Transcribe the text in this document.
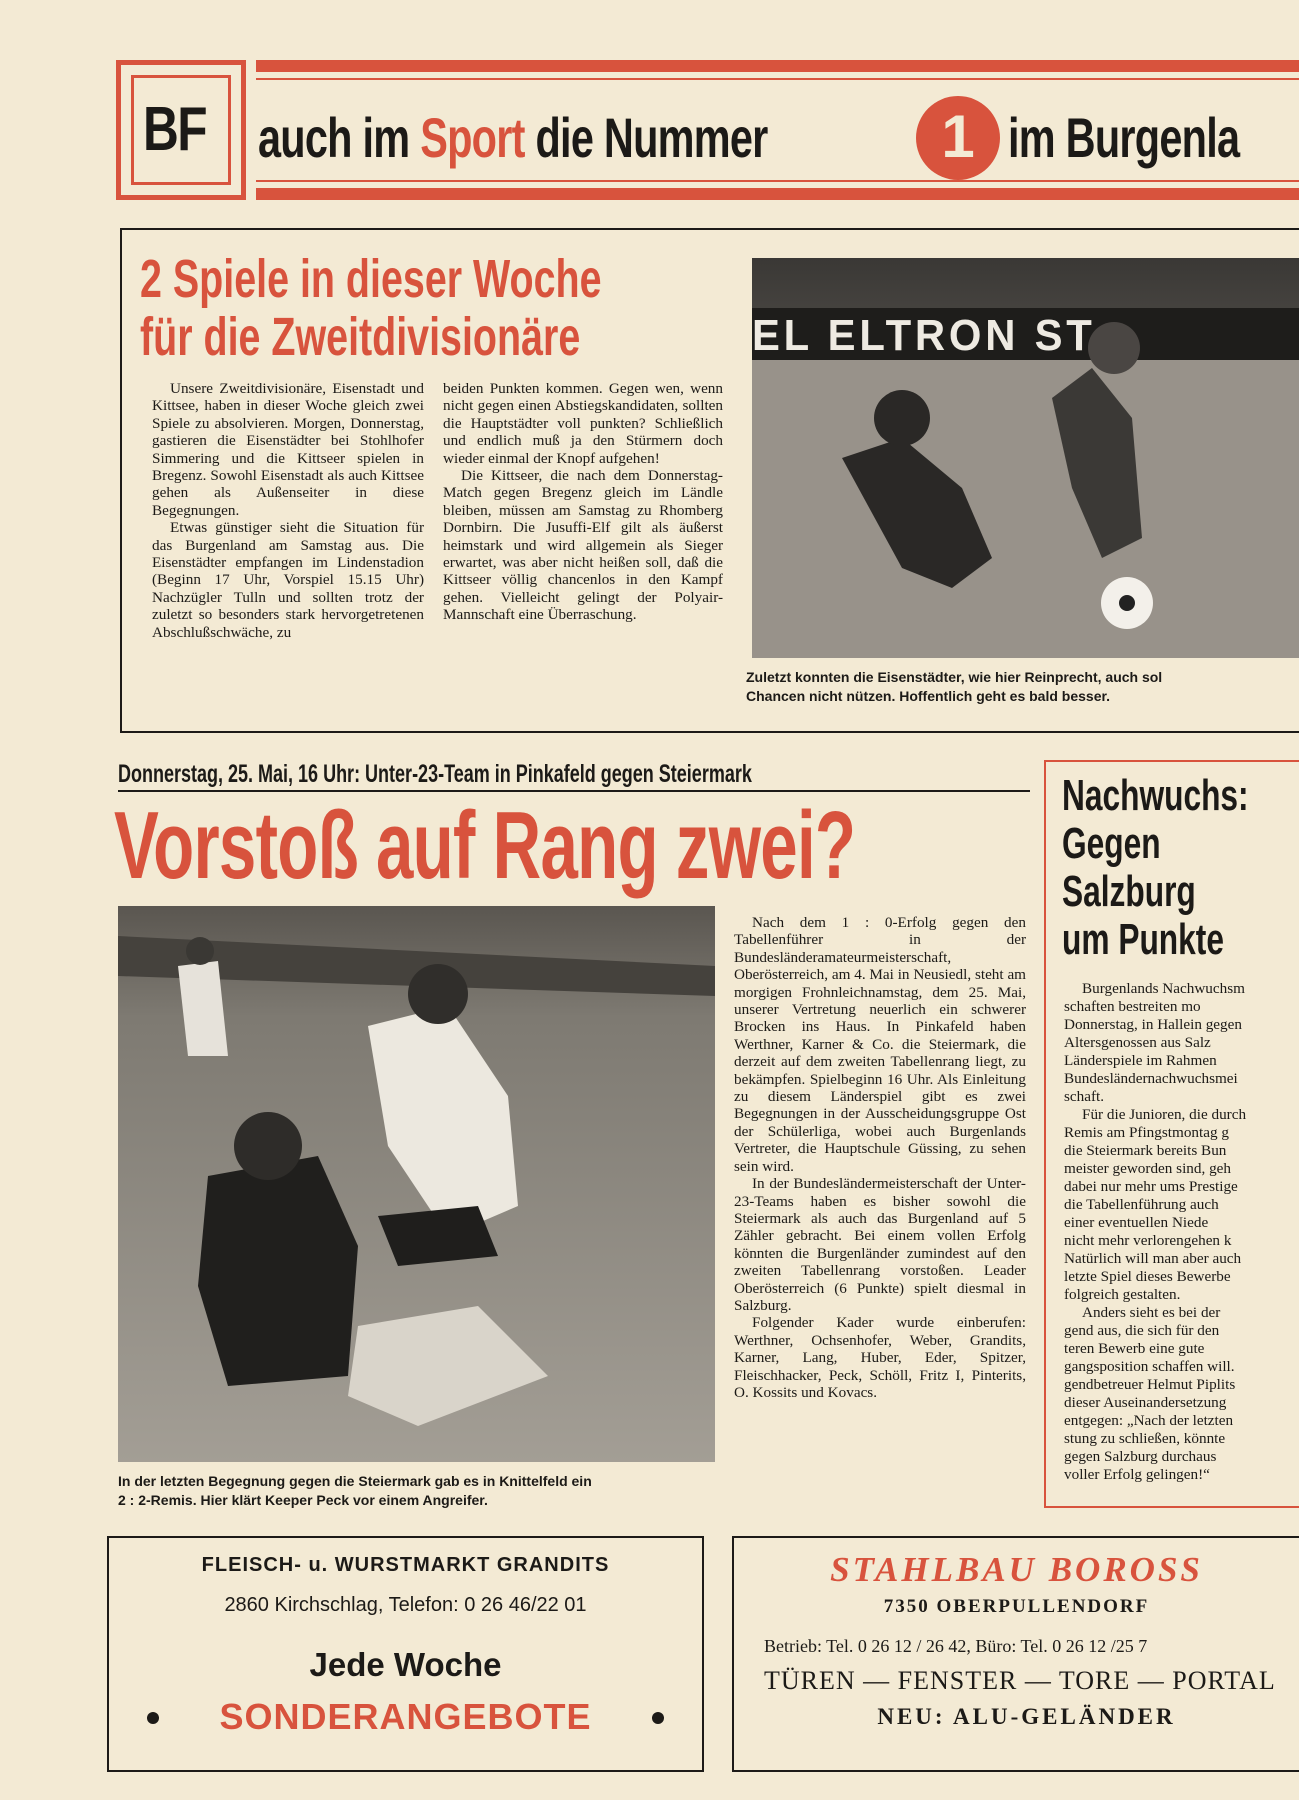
BF auch im Sport die Nummer	1 im Burgenla
2 Spiele in dieser Woche
für die Zweitdivisionäre

Unsere Zweitdivisionäre, Eisenstadt und Kittsee, haben in dieser Woche gleich zwei Spiele zu absolvieren. Morgen, Donnerstag, gastieren die Eisenstädter bei Stohlhofer Simmering und die Kittseer spielen in Bregenz. Sowohl Eisenstadt als auch Kittsee gehen als Außenseiter in diese Begegnungen.

Etwas günstiger sieht die Situation für das Burgenland am Samstag aus. Die Eisenstädter empfangen im Lindenstadion (Beginn 17 Uhr, Vorspiel 15.15 Uhr) Nachzügler Tulln und sollten trotz der zuletzt so besonders stark hervorgetretenen Abschlußschwäche, zu

beiden Punkten kommen. Gegen wen, wenn nicht gegen einen Abstiegskandidaten, sollten die Hauptstädter voll punkten? Schließlich und endlich muß ja den Stürmern doch wieder einmal der Knopf aufgehen!

Die Kittseer, die nach dem Donnerstag-Match gegen Bregenz gleich im Ländle bleiben, müssen am Samstag zu Rhomberg Dornbirn. Die Jusuffi-Elf gilt als äußerst heimstark und wird allgemein als Sieger erwartet, was aber nicht heißen soll, daß die Kittseer völlig chancenlos in den Kampf gehen. Vielleicht gelingt der Polyair-Mannschaft eine Überraschung.

EL ELTRON ST
Zuletzt konnten die Eisenstädter, wie hier Reinprecht, auch sol
Chancen nicht nützen. Hoffentlich geht es bald besser.
Donnerstag, 25. Mai, 16 Uhr: Unter-23-Team in Pinkafeld gegen Steiermark
Vorstoß auf Rang zwei?
In der letzten Begegnung gegen die Steiermark gab es in Knittelfeld ein
2 : 2-Remis. Hier klärt Keeper Peck vor einem Angreifer.

Nach dem 1 : 0-Erfolg gegen den Tabellenführer in der Bundesländeramateurmeisterschaft, Oberösterreich, am 4. Mai in Neusiedl, steht am morgigen Frohnleichnamstag, dem 25. Mai, unserer Vertretung neuerlich ein schwerer Brocken ins Haus. In Pinkafeld haben Werthner, Karner & Co. die Steiermark, die derzeit auf dem zweiten Tabellenrang liegt, zu bekämpfen. Spielbeginn 16 Uhr. Als Einleitung zu diesem Länderspiel gibt es zwei Begegnungen in der Ausscheidungsgruppe Ost der Schülerliga, wobei auch Burgenlands Vertreter, die Hauptschule Güssing, zu sehen sein wird.

In der Bundesländermeisterschaft der Unter-23-Teams haben es bisher sowohl die Steiermark als auch das Burgenland auf 5 Zähler gebracht. Bei einem vollen Erfolg könnten die Burgenländer zumindest auf den zweiten Tabellenrang vorstoßen. Leader Oberösterreich (6 Punkte) spielt diesmal in Salzburg.

Folgender Kader wurde einberufen: Werthner, Ochsenhofer, Weber, Grandits, Karner, Lang, Huber, Eder, Spitzer, Fleischhacker, Peck, Schöll, Fritz I, Pinterits, O. Kossits und Kovacs.

Nachwuchs:
Gegen
Salzburg
um Punkte
Burgenlands Nachwuchsm
schaften bestreiten mo
Donnerstag, in Hallein gegen
Altersgenossen aus Salz
Länderspiele im Rahmen
Bundesländernachwuchsmei
schaft.
Für die Junioren, die durch
Remis am Pfingstmontag g
die Steiermark bereits Bun
meister geworden sind, geh
dabei nur mehr ums Prestige
die Tabellenführung auch
einer eventuellen Niede
nicht mehr verlorengehen k
Natürlich will man aber auch
letzte Spiel dieses Bewerbe
folgreich gestalten.
Anders sieht es bei der
gend aus, die sich für den
teren Bewerb eine gute
gangsposition schaffen will.
gendbetreuer Helmut Piplits
dieser Auseinandersetzung
entgegen: „Nach der letzten
stung zu schließen, könnte
gegen Salzburg durchaus
voller Erfolg gelingen!“
FLEISCH- u. WURSTMARKT GRANDITS
2860 Kirchschlag, Telefon: 0 26 46/22 01
Jede Woche
SONDERANGEBOTE
STAHLBAU BOROSS
7350 OBERPULLENDORF
Betrieb: Tel. 0 26 12 / 26 42, Büro: Tel. 0 26 12 /25 7
TÜREN — FENSTER — TORE — PORTAL
NEU: ALU-GELÄNDER
